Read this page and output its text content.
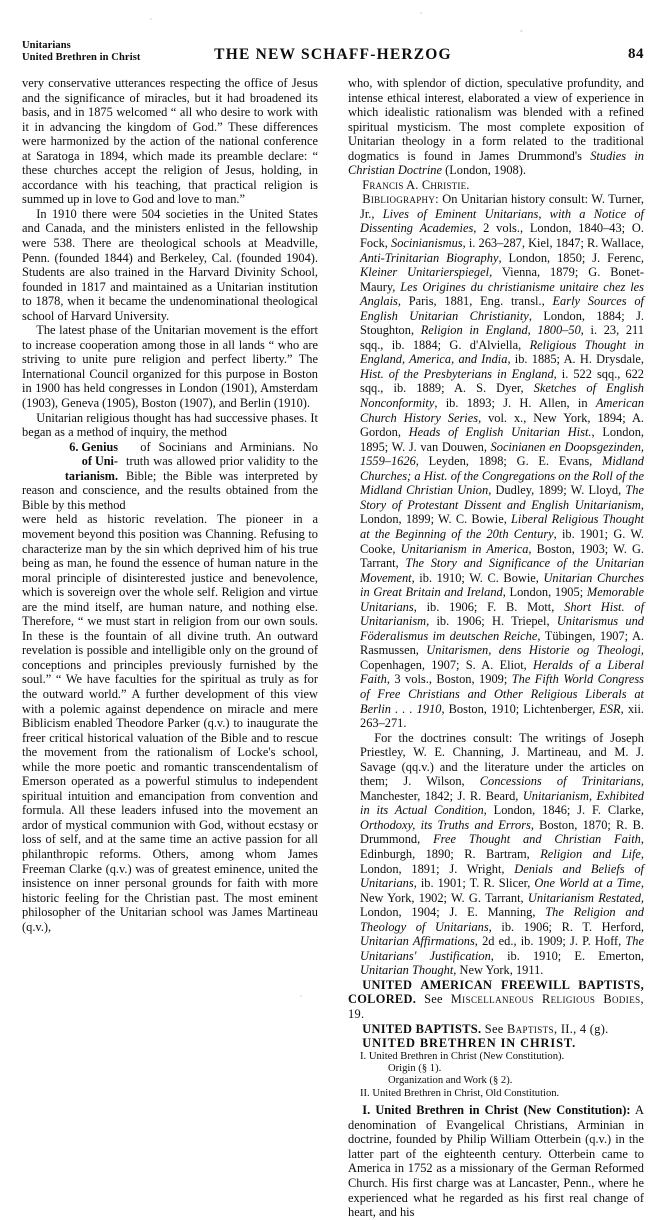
Unitarians
United Brethren in Christ	THE NEW SCHAFF-HERZOG	84

very conservative utterances respecting the office of Jesus and the significance of miracles, but it had broadened its basis, and in 1875 welcomed “ all who desire to work with it in advancing the kingdom of God.” These differences were harmonized by the action of the national conference at Saratoga in 1894, which made its preamble declare: “ these churches accept the religion of Jesus, holding, in accordance with his teaching, that practical religion is summed up in love to God and love to man.”

In 1910 there were 504 societies in the United States and Canada, and the ministers enlisted in the fellowship were 538. There are theological schools at Meadville, Penn. (founded 1844) and Berkeley, Cal. (founded 1904). Students are also trained in the Harvard Divinity School, founded in 1817 and maintained as a Unitarian institution to 1878, when it became the undenominational theological school of Harvard University.

The latest phase of the Unitarian movement is the effort to increase cooperation among those in all lands “ who are striving to unite pure religion and perfect liberty.” The International Council organized for this purpose in Boston in 1900 has held congresses in London (1901), Amsterdam (1903), Geneva (1905), Boston (1907), and Berlin (1910).

Unitarian religious thought has had successive phases. It began as a method of inquiry, the method

6. Genius
of Uni-
tarianism.

of Socinians and Arminians. No truth was allowed prior validity to the Bible; the Bible was interpreted by reason and conscience, and the results obtained from the Bible by this method

were held as historic revelation. The pioneer in a movement beyond this position was Channing. Refusing to characterize man by the sin which deprived him of his true being as man, he found the essence of human nature in the moral principle of disinterested justice and benevolence, which is sovereign over the whole self. Religion and virtue are the mind itself, are human nature, and nothing else. Therefore, “ we must start in religion from our own souls. In these is the fountain of all divine truth. An outward revelation is possible and intelligible only on the ground of conceptions and principles previously furnished by the soul.” “ We have faculties for the spiritual as truly as for the outward world.” A further development of this view with a polemic against dependence on miracle and mere Biblicism enabled Theodore Parker (q.v.) to inaugurate the freer critical historical valuation of the Bible and to rescue the movement from the rationalism of Locke's school, while the more poetic and romantic transcendentalism of Emerson operated as a powerful stimulus to independent spiritual intuition and emancipation from convention and formula. All these leaders infused into the movement an ardor of mystical communion with God, without ecstasy or loss of self, and at the same time an active passion for all philanthropic reforms. Others, among whom James Freeman Clarke (q.v.) was of greatest eminence, united the insistence on inner personal grounds for faith with more historic feeling for the Christian past. The most eminent philosopher of the Unitarian school was James Martineau (q.v.),

who, with splendor of diction, speculative profundity, and intense ethical interest, elaborated a view of experience in which idealistic rationalism was blended with a refined spiritual mysticism. The most complete exposition of Unitarian theology in a form related to the traditional dogmatics is found in James Drummond's Studies in Christian Doctrine (London, 1908).

Francis A. Christie.

Bibliography: On Unitarian history consult: W. Turner, Jr., Lives of Eminent Unitarians, with a Notice of Dissenting Academies, 2 vols., London, 1840–43; O. Fock, Socinianismus, i. 263–287, Kiel, 1847; R. Wallace, Anti-Trinitarian Biography, London, 1850; J. Ferenc, Kleiner Unitarierspiegel, Vienna, 1879; G. Bonet-Maury, Les Origines du christianisme unitaire chez les Anglais, Paris, 1881, Eng. transl., Early Sources of English Unitarian Christianity, London, 1884; J. Stoughton, Religion in England, 1800–50, i. 23, 211 sqq., ib. 1884; G. d'Alviella, Religious Thought in England, America, and India, ib. 1885; A. H. Drysdale, Hist. of the Presbyterians in England, i. 522 sqq., 622 sqq., ib. 1889; A. S. Dyer, Sketches of English Nonconformity, ib. 1893; J. H. Allen, in American Church History Series, vol. x., New York, 1894; A. Gordon, Heads of English Unitarian Hist., London, 1895; W. J. van Douwen, Socinianen en Doopsgezinden, 1559–1626, Leyden, 1898; G. E. Evans, Midland Churches; a Hist. of the Congregations on the Roll of the Midland Christian Union, Dudley, 1899; W. Lloyd, The Story of Protestant Dissent and English Unitarianism, London, 1899; W. C. Bowie, Liberal Religious Thought at the Beginning of the 20th Century, ib. 1901; G. W. Cooke, Unitarianism in America, Boston, 1903; W. G. Tarrant, The Story and Significance of the Unitarian Movement, ib. 1910; W. C. Bowie, Unitarian Churches in Great Britain and Ireland, London, 1905; Memorable Unitarians, ib. 1906; F. B. Mott, Short Hist. of Unitarianism, ib. 1906; H. Triepel, Unitarismus und Föderalismus im deutschen Reiche, Tübingen, 1907; A. Rasmussen, Unitarismen, dens Historie og Theologi, Copenhagen, 1907; S. A. Eliot, Heralds of a Liberal Faith, 3 vols., Boston, 1909; The Fifth World Congress of Free Christians and Other Religious Liberals at Berlin . . . 1910, Boston, 1910; Lichtenberger, ESR, xii. 263–271.

For the doctrines consult: The writings of Joseph Priestley, W. E. Channing, J. Martineau, and M. J. Savage (qq.v.) and the literature under the articles on them; J. Wilson, Concessions of Trinitarians, Manchester, 1842; J. R. Beard, Unitarianism, Exhibited in its Actual Condition, London, 1846; J. F. Clarke, Orthodoxy, its Truths and Errors, Boston, 1870; R. B. Drummond, Free Thought and Christian Faith, Edinburgh, 1890; R. Bartram, Religion and Life, London, 1891; J. Wright, Denials and Beliefs of Unitarians, ib. 1901; T. R. Slicer, One World at a Time, New York, 1902; W. G. Tarrant, Unitarianism Restated, London, 1904; J. E. Manning, The Religion and Theology of Unitarians, ib. 1906; R. T. Herford, Unitarian Affirmations, 2d ed., ib. 1909; J. P. Hoff, The Unitarians' Justification, ib. 1910; E. Emerton, Unitarian Thought, New York, 1911.

UNITED AMERICAN FREEWILL BAPTISTS, COLORED. See Miscellaneous Religious Bodies, 19.

UNITED BAPTISTS. See Baptists, II., 4 (g).

UNITED BRETHREN IN CHRIST.

I. United Brethren in Christ (New Constitution).
Origin (§ 1).
Organization and Work (§ 2).
II. United Brethren in Christ, Old Constitution.

I. United Brethren in Christ (New Constitution): A denomination of Evangelical Christians, Arminian in doctrine, founded by Philip William Otterbein (q.v.) in the latter part of the eighteenth century. Otterbein came to America in 1752 as a missionary of the German Reformed Church. His first charge was at Lancaster, Penn., where he experienced what he regarded as his first real change of heart, and his
